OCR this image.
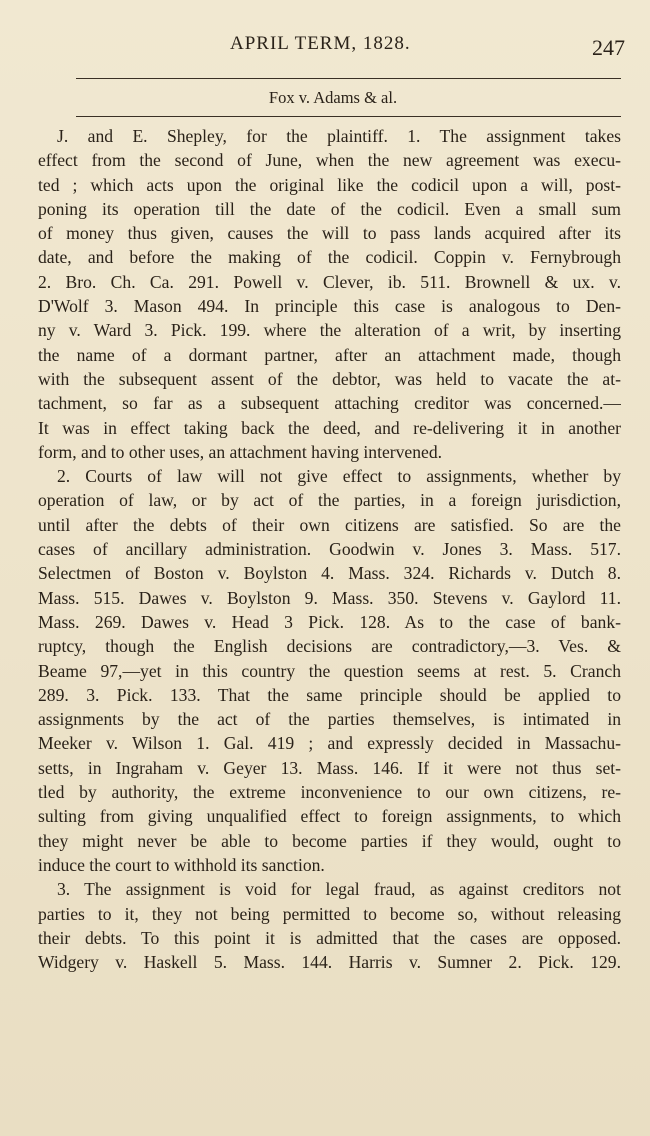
APRIL TERM, 1828.	247
Fox v. Adams & al.
J. and E. Shepley, for the plaintiff. 1. The assignment takes
effect from the second of June, when the new agreement was execu-
ted ; which acts upon the original like the codicil upon a will, post-
poning its operation till the date of the codicil. Even a small sum
of money thus given, causes the will to pass lands acquired after its
date, and before the making of the codicil. Coppin v. Fernybrough
2. Bro. Ch. Ca. 291. Powell v. Clever, ib. 511. Brownell & ux. v.
D'Wolf 3. Mason 494. In principle this case is analogous to Den-
ny v. Ward 3. Pick. 199. where the alteration of a writ, by inserting
the name of a dormant partner, after an attachment made, though
with the subsequent assent of the debtor, was held to vacate the at-
tachment, so far as a subsequent attaching creditor was concerned.—
It was in effect taking back the deed, and re-delivering it in another
form, and to other uses, an attachment having intervened.
2. Courts of law will not give effect to assignments, whether by
operation of law, or by act of the parties, in a foreign jurisdiction,
until after the debts of their own citizens are satisfied. So are the
cases of ancillary administration. Goodwin v. Jones 3. Mass. 517.
Selectmen of Boston v. Boylston 4. Mass. 324. Richards v. Dutch 8.
Mass. 515. Dawes v. Boylston 9. Mass. 350. Stevens v. Gaylord 11.
Mass. 269. Dawes v. Head 3 Pick. 128. As to the case of bank-
ruptcy, though the English decisions are contradictory,—3. Ves. &
Beame 97,—yet in this country the question seems at rest. 5. Cranch
289. 3. Pick. 133. That the same principle should be applied to
assignments by the act of the parties themselves, is intimated in
Meeker v. Wilson 1. Gal. 419 ; and expressly decided in Massachu-
setts, in Ingraham v. Geyer 13. Mass. 146. If it were not thus set-
tled by authority, the extreme inconvenience to our own citizens, re-
sulting from giving unqualified effect to foreign assignments, to which
they might never be able to become parties if they would, ought to
induce the court to withhold its sanction.
3. The assignment is void for legal fraud, as against creditors not
parties to it, they not being permitted to become so, without releasing
their debts. To this point it is admitted that the cases are opposed.
Widgery v. Haskell 5. Mass. 144. Harris v. Sumner 2. Pick. 129.
